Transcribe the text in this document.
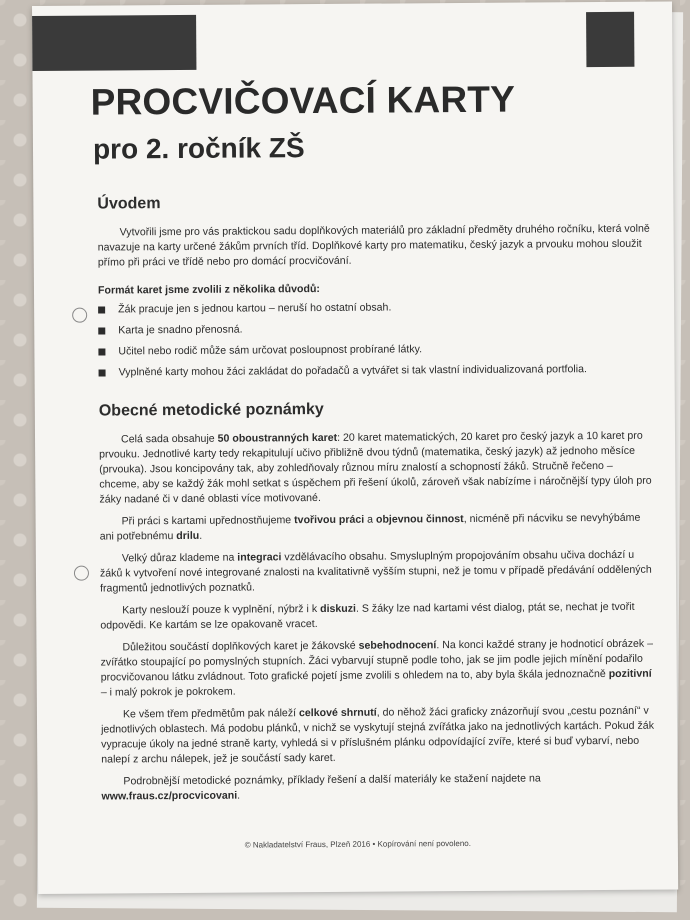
PROCVIČOVACÍ KARTY
pro 2. ročník ZŠ
Úvodem

Vytvořili jsme pro vás praktickou sadu doplňkových materiálů pro základní předměty druhého ročníku, která volně navazuje na karty určené žákům prvních tříd. Doplňkové karty pro matematiku, český jazyk a prvouku mohou sloužit přímo při práci ve třídě nebo pro domácí procvičování.

Formát karet jsme zvolili z několika důvodů:
Žák pracuje jen s jednou kartou – neruší ho ostatní obsah.
Karta je snadno přenosná.
Učitel nebo rodič může sám určovat posloupnost probírané látky.
Vyplněné karty mohou žáci zakládat do pořadačů a vytvářet si tak vlastní individualizovaná portfolia.
Obecné metodické poznámky

Celá sada obsahuje 50 oboustranných karet: 20 karet matematických, 20 karet pro český jazyk a 10 karet pro prvouku. Jednotlivé karty tedy rekapitulují učivo přibližně dvou týdnů (matematika, český jazyk) až jednoho měsíce (prvouka). Jsou koncipovány tak, aby zohledňovaly různou míru znalostí a schopností žáků. Stručně řečeno – chceme, aby se každý žák mohl setkat s úspěchem při řešení úkolů, zároveň však nabízíme i náročnější typy úloh pro žáky nadané či v dané oblasti více motivované.

Při práci s kartami upřednostňujeme tvořivou práci a objevnou činnost, nicméně při nácviku se nevyhýbáme ani potřebnému drilu.

Velký důraz klademe na integraci vzdělávacího obsahu. Smysluplným propojováním obsahu učiva dochází u žáků k vytvoření nové integrované znalosti na kvalitativně vyšším stupni, než je tomu v případě předávání oddělených fragmentů jednotlivých poznatků.

Karty neslouží pouze k vyplnění, nýbrž i k diskuzi. S žáky lze nad kartami vést dialog, ptát se, nechat je tvořit odpovědi. Ke kartám se lze opakovaně vracet.

Důležitou součástí doplňkových karet je žákovské sebehodnocení. Na konci každé strany je hodnoticí obrázek – zvířátko stoupající po pomyslných stupních. Žáci vybarvují stupně podle toho, jak se jim podle jejich mínění podařilo procvičovanou látku zvládnout. Toto grafické pojetí jsme zvolili s ohledem na to, aby byla škála jednoznačně pozitivní – i malý pokrok je pokrokem.

Ke všem třem předmětům pak náleží celkové shrnutí, do něhož žáci graficky znázorňují svou „cestu poznání“ v jednotlivých oblastech. Má podobu plánků, v nichž se vyskytují stejná zvířátka jako na jednotlivých kartách. Pokud žák vypracuje úkoly na jedné straně karty, vyhledá si v příslušném plánku odpovídající zvíře, které si buď vybarví, nebo nalepí z archu nálepek, jež je součástí sady karet.

Podrobnější metodické poznámky, příklady řešení a další materiály ke stažení najdete na www.fraus.cz/procvicovani.

© Nakladatelství Fraus, Plzeň 2016 • Kopírování není povoleno.
